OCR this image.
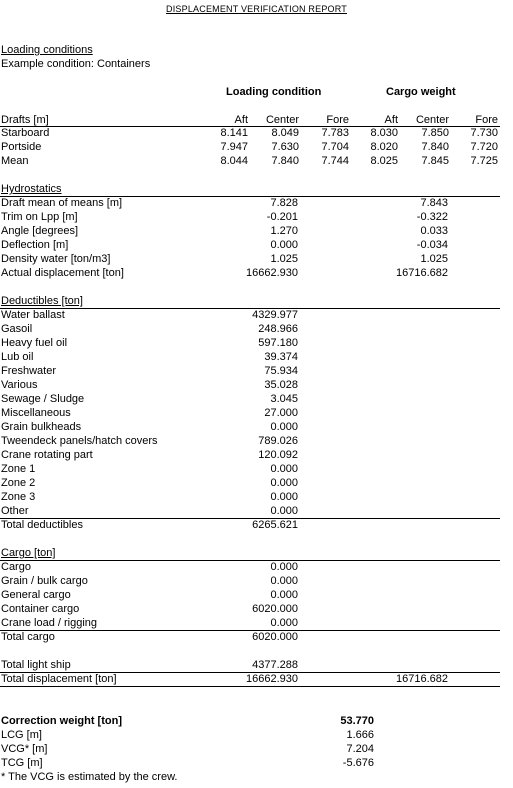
DISPLACEMENT VERIFICATION REPORT
Loading conditions
Example condition: Containers
Loading condition	Cargo weight
Drafts [m]	Aft	Center	Fore	Aft	Center	Fore
Starboard	8.141	8.049	7.783	8.030	7.850	7.730
Portside	7.947	7.630	7.704	8.020	7.840	7.720
Mean	8.044	7.840	7.744	8.025	7.845	7.725
Hydrostatics
Draft mean of means [m]	7.828	7.843
Trim on Lpp [m]	-0.201	-0.322
Angle [degrees]	1.270	0.033
Deflection [m]	0.000	-0.034
Density water [ton/m3]	1.025	1.025
Actual displacement [ton]	16662.930	16716.682
Deductibles [ton]
Water ballast	4329.977
Gasoil	248.966
Heavy fuel oil	597.180
Lub oil	39.374
Freshwater	75.934
Various	35.028
Sewage / Sludge	3.045
Miscellaneous	27.000
Grain bulkheads	0.000
Tweendeck panels/hatch covers	789.026
Crane rotating part	120.092
Zone 1	0.000
Zone 2	0.000
Zone 3	0.000
Other	0.000
Total deductibles	6265.621
Cargo [ton]
Cargo	0.000
Grain / bulk cargo	0.000
General cargo	0.000
Container cargo	6020.000
Crane load / rigging	0.000
Total cargo	6020.000
Total light ship	4377.288
Total displacement [ton]	16662.930	16716.682
Correction weight [ton]	53.770
LCG [m]	1.666
VCG* [m]	7.204
TCG [m]	-5.676
* The VCG is estimated by the crew.
